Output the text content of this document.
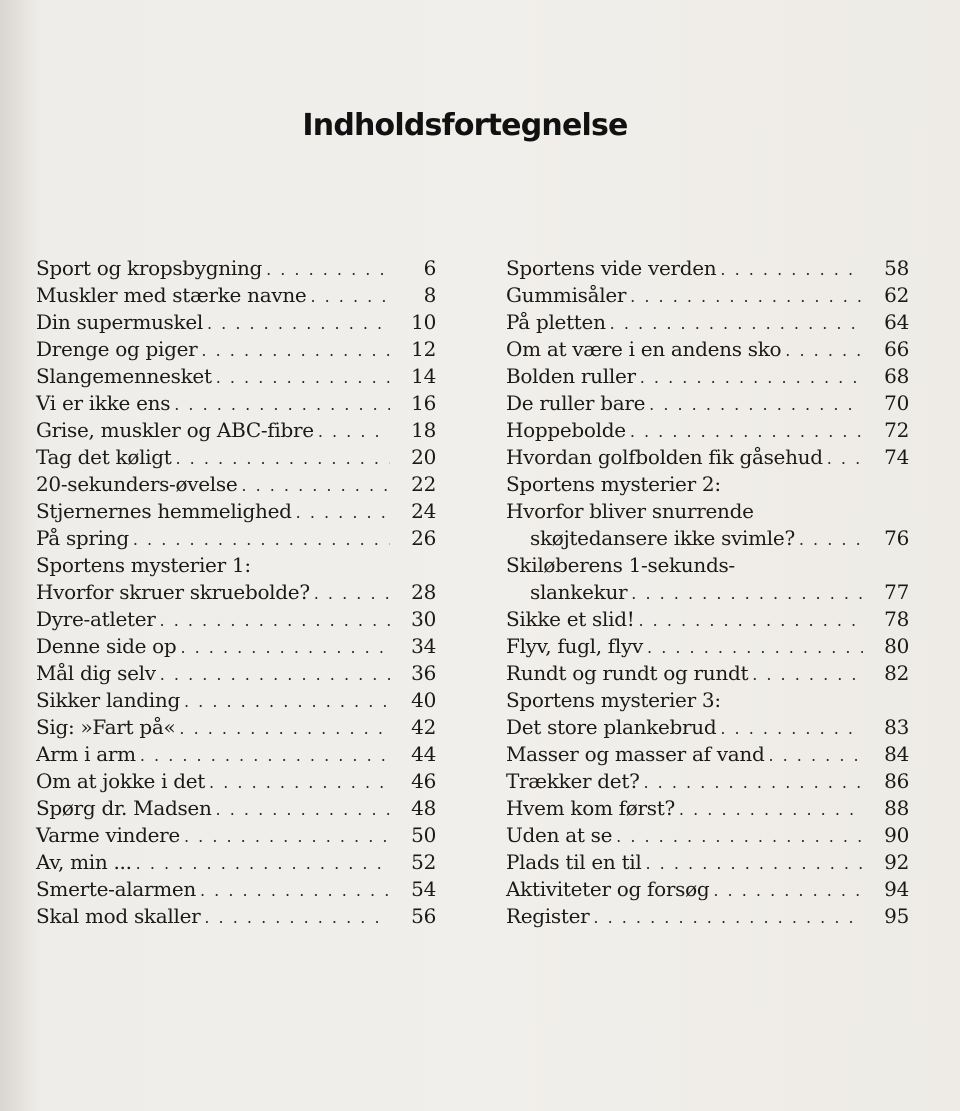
Indholdsfortegnelse
Sport og kropsbygning . . .	6
Muskler med stærke navne . . .	8
Din supermuskel . . .	10
Drenge og piger . . .	12
Slangemennesket . . .	14
Vi er ikke ens . . .	16
Grise, muskler og ABC-fibre . . .	18
Tag det køligt . . .	20
20-sekunders-øvelse . . .	22
Stjernernes hemmelighed . . .	24
På spring . . .	26
Sportens mysterier 1:
Hvorfor skruer skruebolde? . . .	28
Dyre-atleter . . .	30
Denne side op . . .	34
Mål dig selv . . .	36
Sikker landing . . .	40
Sig: »Fart på« . . .	42
Arm i arm . . .	44
Om at jokke i det . . .	46
Spørg dr. Madsen . . .	48
Varme vindere . . .	50
Av, min ... . . .	52
Smerte-alarmen . . .	54
Skal mod skaller . . .	56
Sportens vide verden . . .	58
Gummisåler . . .	62
På pletten . . .	64
Om at være i en andens sko . . .	66
Bolden ruller . . .	68
De ruller bare . . .	70
Hoppebolde . . .	72
Hvordan golfbolden fik gåsehud . . .	74
Sportens mysterier 2:
Hvorfor bliver snurrende
skøjtedansere ikke svimle? . . .	76
Skiløberens 1-sekunds-
slankekur . . .	77
Sikke et slid! . . .	78
Flyv, fugl, flyv . . .	80
Rundt og rundt og rundt . . .	82
Sportens mysterier 3:
Det store plankebrud . . .	83
Masser og masser af vand . . .	84
Trækker det? . . .	86
Hvem kom først? . . .	88
Uden at se . . .	90
Plads til en til . . .	92
Aktiviteter og forsøg . . .	94
Register . . .	95
